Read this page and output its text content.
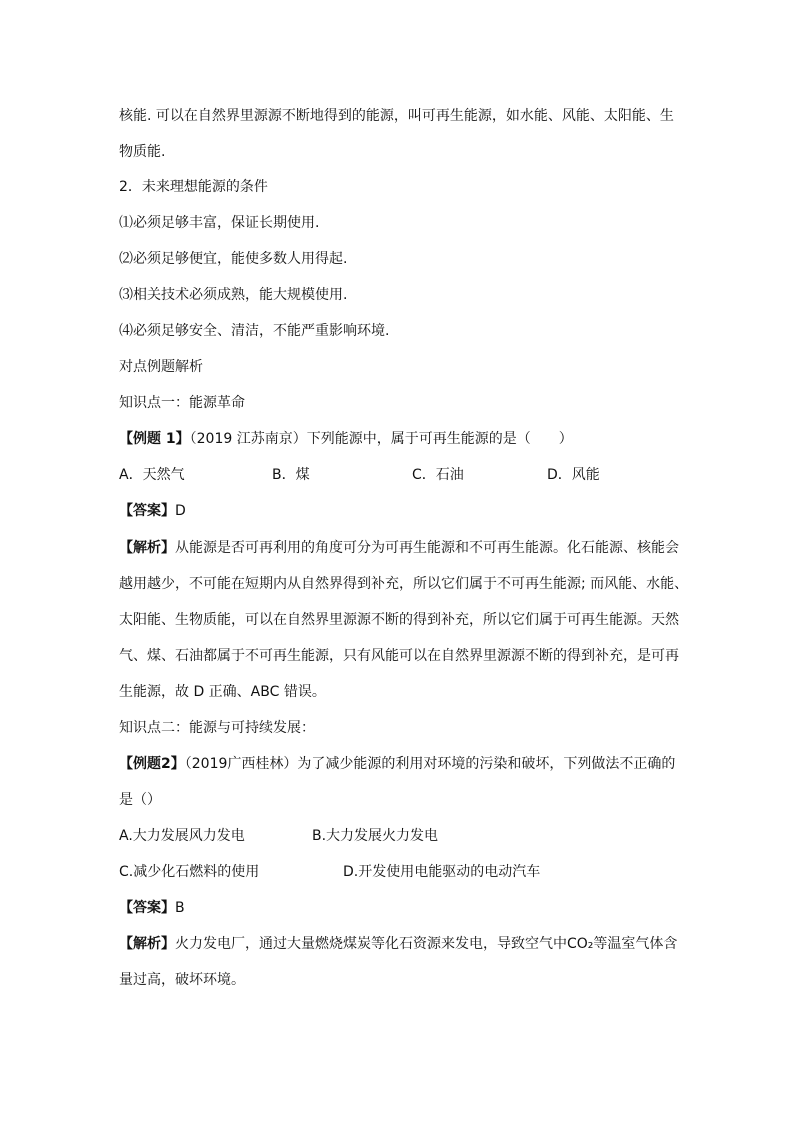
核能. 可以在自然界里源源不断地得到的能源，叫可再生能源，如水能、风能、太阳能、生
物质能.
2．未来理想能源的条件
⑴必须足够丰富，保证长期使用.
⑵必须足够便宜，能使多数人用得起.
⑶相关技术必须成熟，能大规模使用.
⑷必须足够安全、清洁，不能严重影响环境.
对点例题解析
知识点一：能源革命
【例题 1】（2019 江苏南京）下列能源中，属于可再生能源的是（　　）
A．天然气	B．煤	C．石油	D．风能
【答案】D
【解析】从能源是否可再利用的角度可分为可再生能源和不可再生能源。化石能源、核能会
越用越少，不可能在短期内从自然界得到补充，所以它们属于不可再生能源; 而风能、水能、
太阳能、生物质能，可以在自然界里源源不断的得到补充，所以它们属于可再生能源。天然
气、煤、石油都属于不可再生能源，只有风能可以在自然界里源源不断的得到补充，是可再
生能源，故 D 正确、ABC 错误。
知识点二：能源与可持续发展：
【例题2】（2019广西桂林）为了减少能源的利用对环境的污染和破坏，下列做法不正确的
是（）
A.大力发展风力发电	B.大力发展火力发电
C.减少化石燃料的使用	D.开发使用电能驱动的电动汽车
【答案】B
【解析】火力发电厂，通过大量燃烧煤炭等化石资源来发电，导致空气中CO₂等温室气体含
量过高，破坏环境。
